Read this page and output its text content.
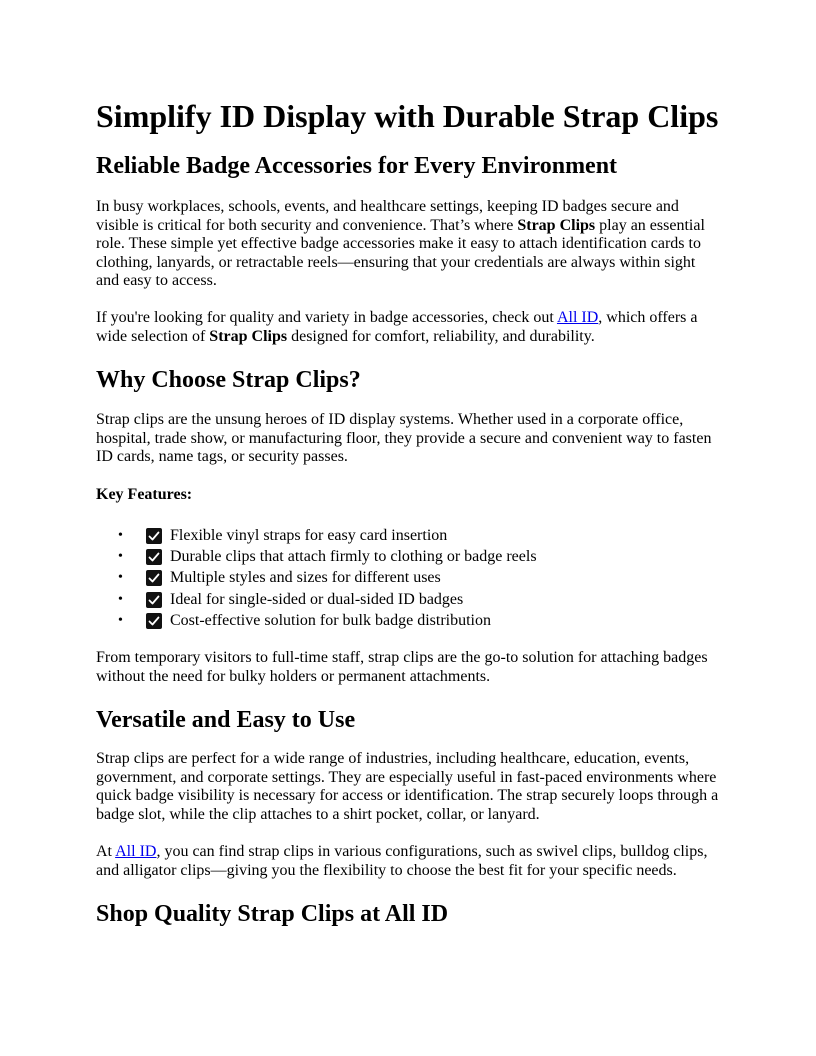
Simplify ID Display with Durable Strap Clips
Reliable Badge Accessories for Every Environment

In busy workplaces, schools, events, and healthcare settings, keeping ID badges secure and visible is critical for both security and convenience. That’s where Strap Clips play an essential role. These simple yet effective badge accessories make it easy to attach identification cards to clothing, lanyards, or retractable reels—ensuring that your credentials are always within sight and easy to access.

If you're looking for quality and variety in badge accessories, check out All ID, which offers a wide selection of Strap Clips designed for comfort, reliability, and durability.

Why Choose Strap Clips?

Strap clips are the unsung heroes of ID display systems. Whether used in a corporate office, hospital, trade show, or manufacturing floor, they provide a secure and convenient way to fasten ID cards, name tags, or security passes.

Key Features:
•	Flexible vinyl straps for easy card insertion
•	Durable clips that attach firmly to clothing or badge reels
•	Multiple styles and sizes for different uses
•	Ideal for single-sided or dual-sided ID badges
•	Cost-effective solution for bulk badge distribution

From temporary visitors to full-time staff, strap clips are the go-to solution for attaching badges without the need for bulky holders or permanent attachments.

Versatile and Easy to Use

Strap clips are perfect for a wide range of industries, including healthcare, education, events, government, and corporate settings. They are especially useful in fast-paced environments where quick badge visibility is necessary for access or identification. The strap securely loops through a badge slot, while the clip attaches to a shirt pocket, collar, or lanyard.

At All ID, you can find strap clips in various configurations, such as swivel clips, bulldog clips, and alligator clips—giving you the flexibility to choose the best fit for your specific needs.

Shop Quality Strap Clips at All ID
